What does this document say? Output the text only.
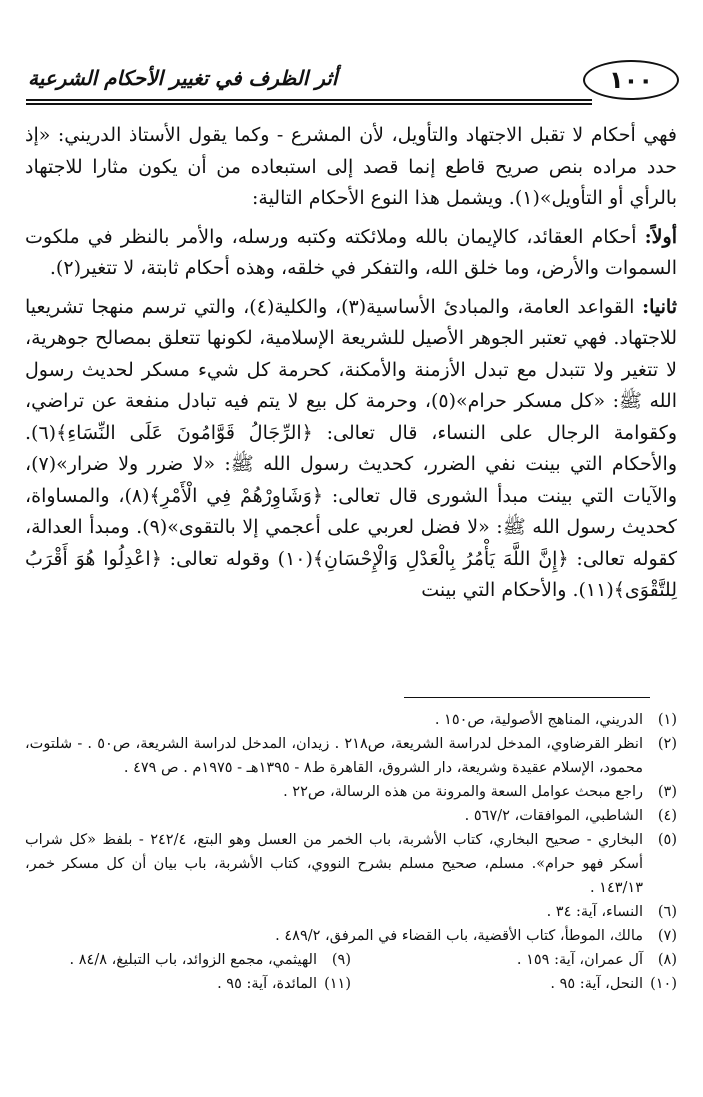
١٠٠
أثر الظرف في تغيير الأحكام الشرعية

فهي أحكام لا تقبل الاجتهاد والتأويل، لأن المشرع - وكما يقول الأستاذ الدريني: «إذ حدد مراده بنص صريح قاطع إنما قصد إلى استبعاده من أن يكون مثارا للاجتهاد بالرأي أو التأويل»(١). ويشمل هذا النوع الأحكام التالية:

أولاً: أحكام العقائد، كالإيمان بالله وملائكته وكتبه ورسله، والأمر بالنظر في ملكوت السموات والأرض، وما خلق الله، والتفكر في خلقه، وهذه أحكام ثابتة، لا تتغير(٢).

ثانيا: القواعد العامة، والمبادئ الأساسية(٣)، والكلية(٤)، والتي ترسم منهجا تشريعيا للاجتهاد. فهي تعتبر الجوهر الأصيل للشريعة الإسلامية، لكونها تتعلق بمصالح جوهرية، لا تتغير ولا تتبدل مع تبدل الأزمنة والأمكنة، كحرمة كل شيء مسكر لحديث رسول الله ﷺ: «كل مسكر حرام»(٥)، وحرمة كل بيع لا يتم فيه تبادل منفعة عن تراضي، وكقوامة الرجال على النساء، قال تعالى: ﴿الرِّجَالُ قَوَّامُونَ عَلَى النِّسَاءِ﴾(٦). والأحكام التي بينت نفي الضرر، كحديث رسول الله ﷺ: «لا ضرر ولا ضرار»(٧)، والآيات التي بينت مبدأ الشورى قال تعالى: ﴿وَشَاوِرْهُمْ فِي الْأَمْرِ﴾(٨)، والمساواة، كحديث رسول الله ﷺ: «لا فضل لعربي على أعجمي إلا بالتقوى»(٩). ومبدأ العدالة، كقوله تعالى: ﴿إِنَّ اللَّهَ يَأْمُرُ بِالْعَدْلِ وَالْإِحْسَانِ﴾(١٠) وقوله تعالى: ﴿اعْدِلُوا هُوَ أَقْرَبُ لِلتَّقْوَى﴾(١١). والأحكام التي بينت

(١)
الدريني، المناهج الأصولية، ص١٥٠ .
(٢)
انظر القرضاوي، المدخل لدراسة الشريعة، ص٢١٨ . زيدان، المدخل لدراسة الشريعة، ص٥٠ . - شلتوت، محمود، الإسلام عقيدة وشريعة، دار الشروق، القاهرة ط٨ - ١٣٩٥هـ - ١٩٧٥م . ص ٤٧٩ .
(٣)
راجع مبحث عوامل السعة والمرونة من هذه الرسالة، ص٢٢ .
(٤)
الشاطبي، الموافقات، ٥٦٧/٢ .
(٥)
البخاري - صحيح البخاري، كتاب الأشربة، باب الخمر من العسل وهو البتع، ٢٤٢/٤ - بلفظ «كل شراب أسكر فهو حرام». مسلم، صحيح مسلم بشرح النووي، كتاب الأشربة، باب بيان أن كل مسكر خمر، ١٤٣/١٣ .
(٦)
النساء، آية: ٣٤ .
(٧)
مالك، الموطأ، كتاب الأقضية، باب القضاء في المرفق، ٤٨٩/٢ .
(٨)
آل عمران، آية: ١٥٩ .
(٩)
الهيثمي، مجمع الزوائد، باب التبليغ، ٨٤/٨ .
(١٠)
النحل، آية: ٩٥ .
(١١)
المائدة، آية: ٩٥ .
